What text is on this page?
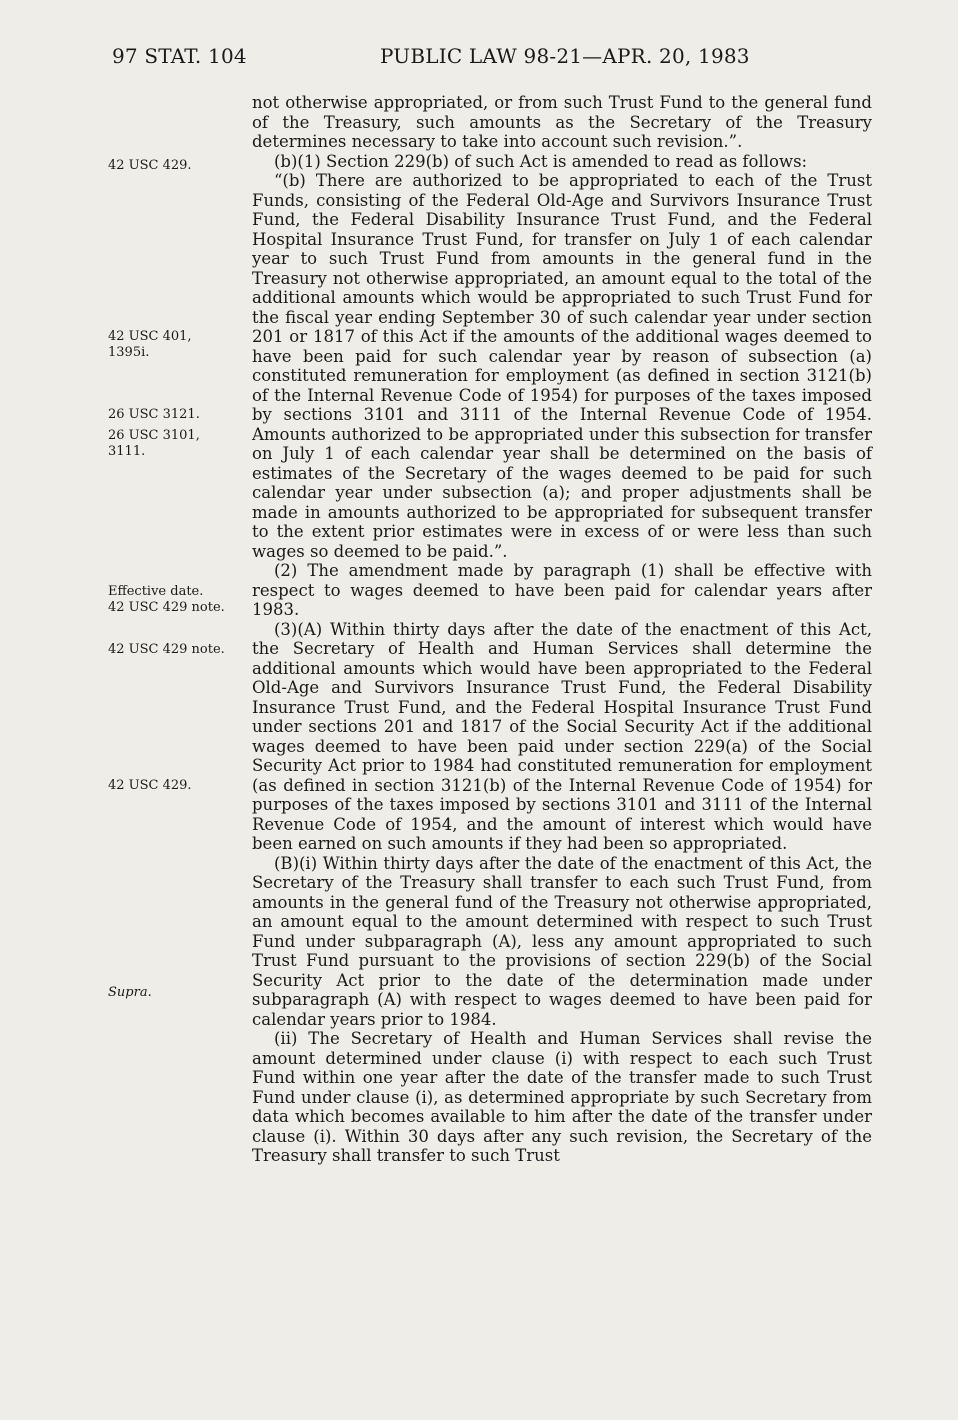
97 STAT. 104	PUBLIC LAW 98-21—APR. 20, 1983
42 USC 429.
42 USC 401,
1395i.
26 USC 3121.
26 USC 3101,
3111.
Effective date.
42 USC 429 note.
42 USC 429 note.
42 USC 429.
Supra.

not otherwise appropriated, or from such Trust Fund to the general fund of the Treasury, such amounts as the Secretary of the Treasury determines necessary to take into account such revision.”.

(b)(1) Section 229(b) of such Act is amended to read as follows:

“(b) There are authorized to be appropriated to each of the Trust Funds, consisting of the Federal Old-Age and Survivors Insurance Trust Fund, the Federal Disability Insurance Trust Fund, and the Federal Hospital Insurance Trust Fund, for transfer on July 1 of each calendar year to such Trust Fund from amounts in the general fund in the Treasury not otherwise appropriated, an amount equal to the total of the additional amounts which would be appropriated to such Trust Fund for the fiscal year ending September 30 of such calendar year under section 201 or 1817 of this Act if the amounts of the additional wages deemed to have been paid for such calendar year by reason of subsection (a) constituted remuneration for employment (as defined in section 3121(b) of the Internal Revenue Code of 1954) for purposes of the taxes imposed by sections 3101 and 3111 of the Internal Revenue Code of 1954. Amounts authorized to be appropriated under this subsection for transfer on July 1 of each calendar year shall be determined on the basis of estimates of the Secretary of the wages deemed to be paid for such calendar year under subsection (a); and proper adjustments shall be made in amounts authorized to be appropriated for subsequent transfer to the extent prior estimates were in excess of or were less than such wages so deemed to be paid.”.

(2) The amendment made by paragraph (1) shall be effective with respect to wages deemed to have been paid for calendar years after 1983.

(3)(A) Within thirty days after the date of the enactment of this Act, the Secretary of Health and Human Services shall determine the additional amounts which would have been appropriated to the Federal Old-Age and Survivors Insurance Trust Fund, the Federal Disability Insurance Trust Fund, and the Federal Hospital Insurance Trust Fund under sections 201 and 1817 of the Social Security Act if the additional wages deemed to have been paid under section 229(a) of the Social Security Act prior to 1984 had constituted remuneration for employment (as defined in section 3121(b) of the Internal Revenue Code of 1954) for purposes of the taxes imposed by sections 3101 and 3111 of the Internal Revenue Code of 1954, and the amount of interest which would have been earned on such amounts if they had been so appropriated.

(B)(i) Within thirty days after the date of the enactment of this Act, the Secretary of the Treasury shall transfer to each such Trust Fund, from amounts in the general fund of the Treasury not otherwise appropriated, an amount equal to the amount determined with respect to such Trust Fund under subparagraph (A), less any amount appropriated to such Trust Fund pursuant to the provisions of section 229(b) of the Social Security Act prior to the date of the determination made under subparagraph (A) with respect to wages deemed to have been paid for calendar years prior to 1984.

(ii) The Secretary of Health and Human Services shall revise the amount determined under clause (i) with respect to each such Trust Fund within one year after the date of the transfer made to such Trust Fund under clause (i), as determined appropriate by such Secretary from data which becomes available to him after the date of the transfer under clause (i). Within 30 days after any such revision, the Secretary of the Treasury shall transfer to such Trust
